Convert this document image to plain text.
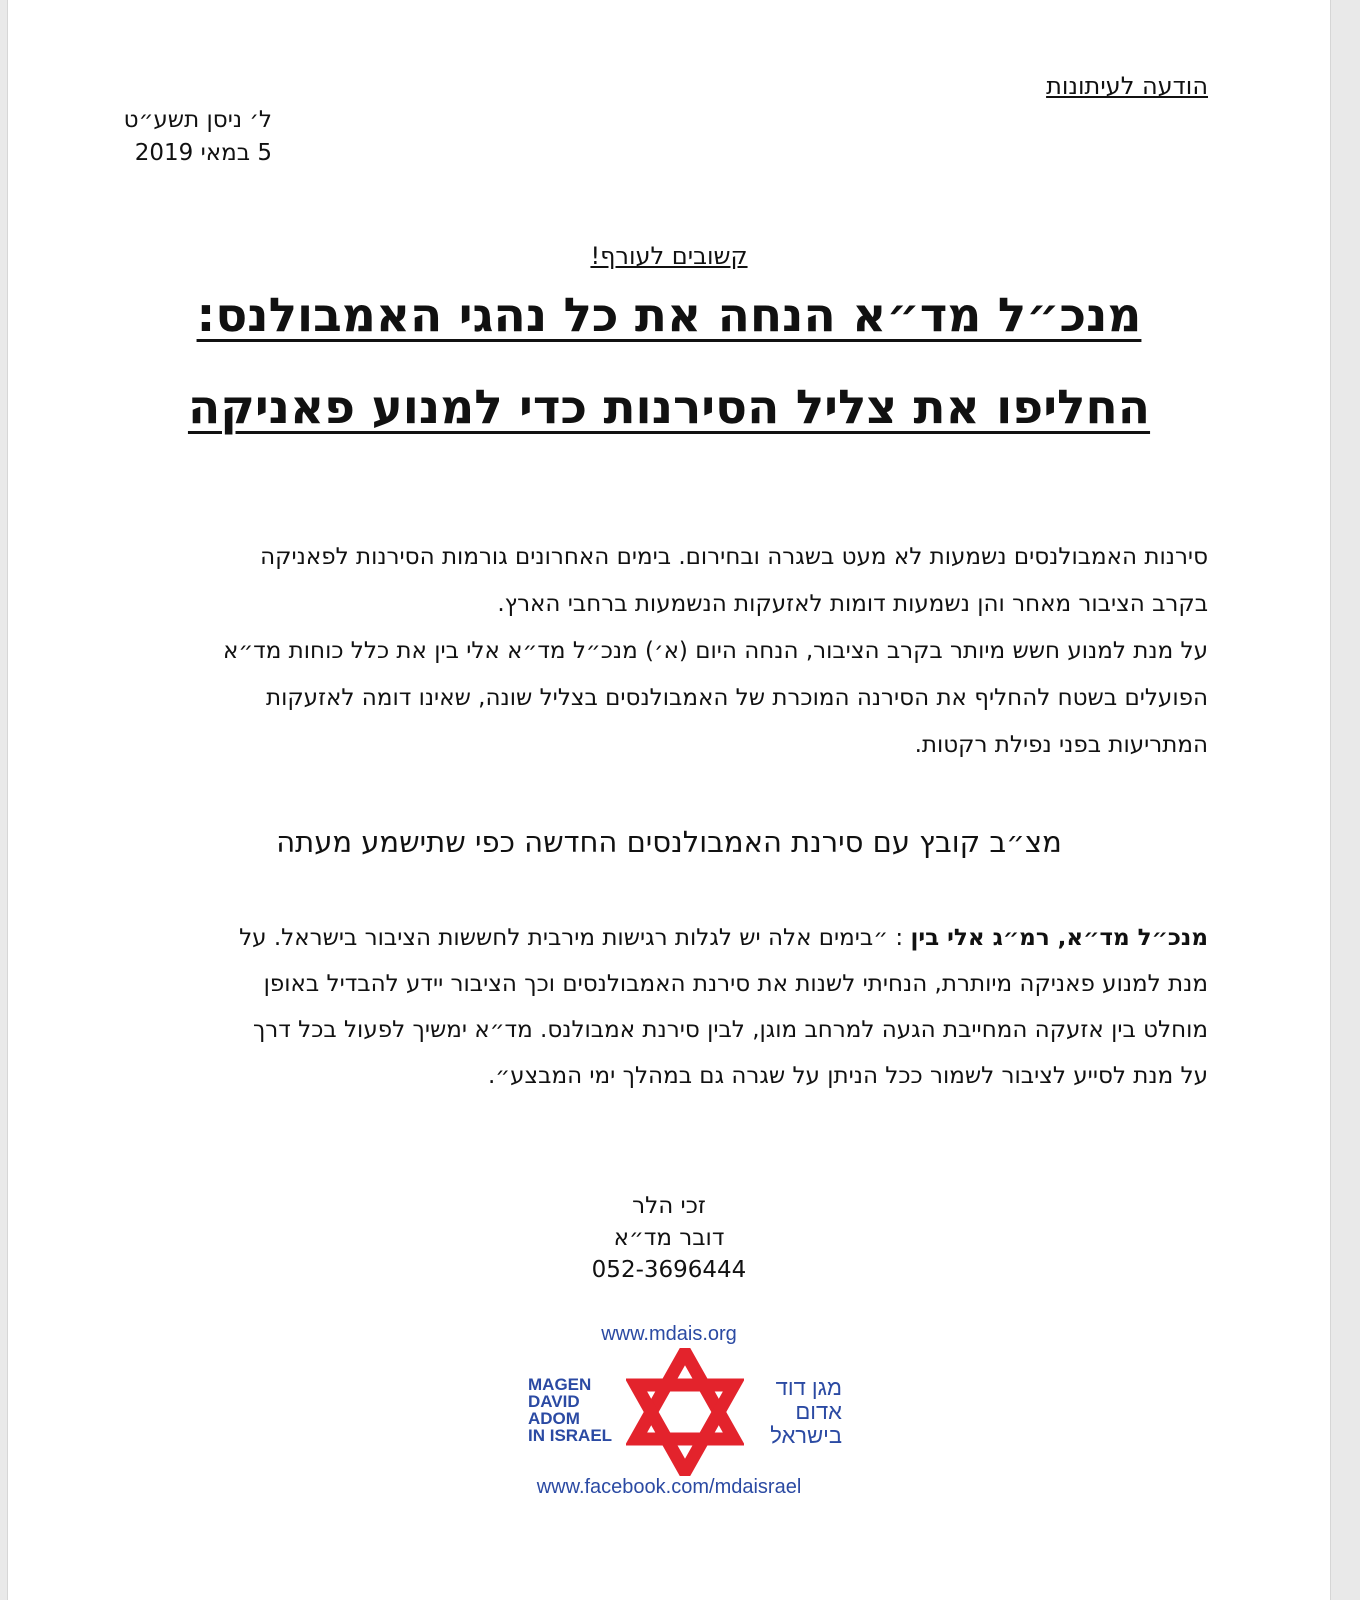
הודעה לעיתונות
ל׳ ניסן תשע״ט
5 במאי 2019
קשובים לעורף!
מנכ״ל מד״א הנחה את כל נהגי האמבולנס:
החליפו את צליל הסירנות כדי למנוע פאניקה
סירנות האמבולנסים נשמעות לא מעט בשגרה ובחירום. בימים האחרונים גורמות הסירנות לפאניקה
בקרב הציבור מאחר והן נשמעות דומות לאזעקות הנשמעות ברחבי הארץ.
על מנת למנוע חשש מיותר בקרב הציבור, הנחה היום (א׳) מנכ״ל מד״א אלי בין את כלל כוחות מד״א
הפועלים בשטח להחליף את הסירנה המוכרת של האמבולנסים בצליל שונה, שאינו דומה לאזעקות
המתריעות בפני נפילת רקטות.
מצ״ב קובץ עם סירנת האמבולנסים החדשה כפי שתישמע מעתה
מנכ״ל מד״א, רמ״ג אלי בין : ״בימים אלה יש לגלות רגישות מירבית לחששות הציבור בישראל. על
מנת למנוע פאניקה מיותרת, הנחיתי לשנות את סירנת האמבולנסים וכך הציבור יידע להבדיל באופן
מוחלט בין אזעקה המחייבת הגעה למרחב מוגן, לבין סירנת אמבולנס. מד״א ימשיך לפעול בכל דרך
על מנת לסייע לציבור לשמור ככל הניתן על שגרה גם במהלך ימי המבצע״.
זכי הלר
דובר מד״א
052-3696444
www.mdais.org
MAGEN
DAVID
ADOM
IN ISRAEL
מגן דוד
אדום
בישראל
www.facebook.com/mdaisrael
